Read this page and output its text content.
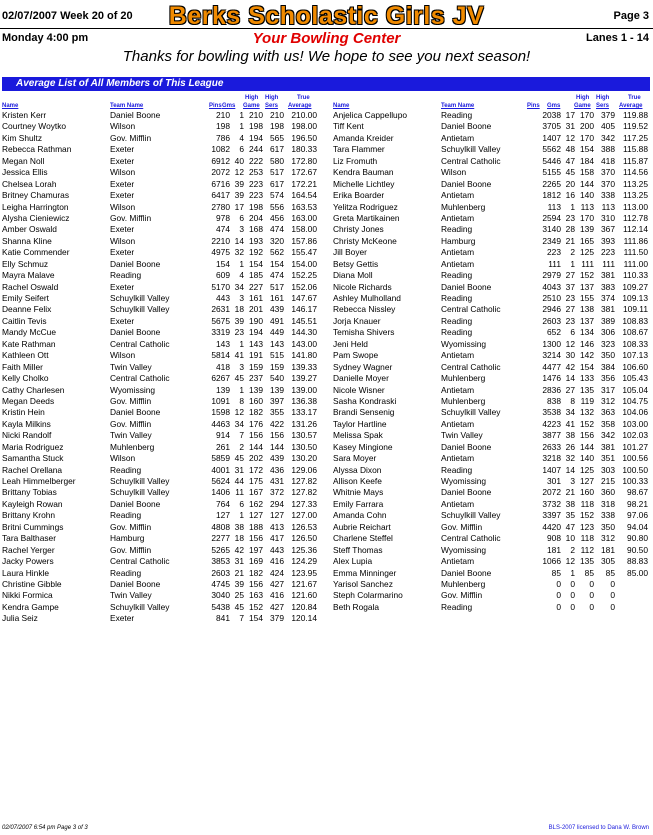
02/07/2007 Week 20 of 20	Berks Scholastic Girls JV	Page 3
Monday 4:00 pm	Your Bowling Center	Lanes 1 - 14
Thanks for bowling with us! We hope to see you next season!
Average List of All Members of This League
Name	Team Name	Pins Gms
High
Game
High
Sers
True
Average
Kristen Kerr	Daniel Boone	210	1 210 210 210.00
Courtney Woytko	Wilson	198	1 198 198 198.00
Kim Shultz	Gov. Mifflin	786	4 194 565 196.50
Rebecca Rathman	Exeter	1082	6 244 617 180.33
Megan Noll	Exeter	6912 40 222 580 172.80
Jessica Ellis	Wilson	2072 12 253 517 172.67
Chelsea Lorah	Exeter	6716 39 223 617 172.21
Britney Chamuras	Exeter	6417 39 223 574 164.54
Leigha Harrington	Wilson	2780 17 198 556 163.53
Alysha Cieniewicz	Gov. Mifflin	978	6 204 456 163.00
Amber Oswald	Exeter	474	3 168 474 158.00
Shanna Kline	Wilson	2210 14 193 320 157.86
Katie Commender	Exeter	4975 32 192 562 155.47
Elly Schmuz	Daniel Boone	154	1 154 154 154.00
Mayra Malave	Reading	609	4 185 474 152.25
Rachel Oswald	Exeter	5170 34 227 517 152.06
Emily Seifert	Schuylkill Valley	443	3 161 161 147.67
Deanne Felix	Schuylkill Valley	2631 18 201 439 146.17
Caitlin Tevis	Exeter	5675 39 190 491 145.51
Mandy McCue	Daniel Boone	3319 23 194 449 144.30
Kate Rathman	Central Catholic	143	1 143 143 143.00
Kathleen Ott	Wilson	5814 41 191 515 141.80
Faith Miller	Twin Valley	418	3 159 159 139.33
Kelly Cholko	Central Catholic	6267 45 237 540 139.27
Cathy Charlesen	Wyomissing	139	1 139 139 139.00
Megan Deeds	Gov. Mifflin	1091	8 160 397 136.38
Kristin Hein	Daniel Boone	1598 12 182 355 133.17
Kayla Milkins	Gov. Mifflin	4463 34 176 422 131.26
Nicki Randolf	Twin Valley	914	7 156 156 130.57
Maria Rodriguez	Muhlenberg	261	2 144 144 130.50
Samantha Stuck	Wilson	5859 45 202 439 130.20
Rachel Orellana	Reading	4001 31 172 436 129.06
Leah Himmelberger	Schuylkill Valley	5624 44 175 431 127.82
Brittany Tobias	Schuylkill Valley	1406 11 167 372 127.82
Kayleigh Rowan	Daniel Boone	764	6 162 294 127.33
Brittany Krohn	Reading	127	1 127 127 127.00
Britni Cummings	Gov. Mifflin	4808 38 188 413 126.53
Tara Balthaser	Hamburg	2277 18 156 417 126.50
Rachel Yerger	Gov. Mifflin	5265 42 197 443 125.36
Jacky Powers	Central Catholic	3853 31 169 416 124.29
Laura Hinkle	Reading	2603 21 182 424 123.95
Christine Gibble	Daniel Boone	4745 39 156 427 121.67
Nikki Formica	Twin Valley	3040 25 163 416 121.60
Kendra Gampe	Schuylkill Valley	5438 45 152 427 120.84
Julia Seiz	Exeter	841	7 154 379 120.14
Name	Team Name	Pins Gms
High
Game
High
Sers
True
Average
Anjelica Cappellupo	Reading	2038 17 170 379 119.88
Tiff Kent	Daniel Boone	3705 31 200 405 119.52
Amanda Kreider	Antietam	1407 12 170 342 117.25
Tara Flammer	Schuylkill Valley	5562 48 154 388 115.88
Liz Fromuth	Central Catholic	5446 47 184 418 115.87
Kendra Bauman	Wilson	5155 45 158 370 114.56
Michelle Lichtley	Daniel Boone	2265 20 144 370 113.25
Erika Boarder	Antietam	1812 16 140 338 113.25
Yelitza Rodriguez	Muhlenberg	113	1 113 113 113.00
Greta Martikainen	Antietam	2594 23 170 310 112.78
Christy Jones	Reading	3140 28 139 367 112.14
Christy McKeone	Hamburg	2349 21 165 393	111.86
Jill Boyer	Antietam	223	2 125 223	111.50
Betsy Gettis	Antietam	111	1 111 111	111.00
Diana Moll	Reading	2979 27 152 381 110.33
Nicole Richards	Daniel Boone	4043 37 137 383 109.27
Ashley Mulholland	Reading	2510 23 155 374 109.13
Rebecca Nissley	Central Catholic	2946 27 138 381 109.11
Jorja Knauer	Reading	2603 23 137 389 108.83
Temisha Shivers	Reading	652	6 134 306 108.67
Jeni Held	Wyomissing	1300 12 146 323 108.33
Pam Swope	Antietam	3214 30 142 350 107.13
Sydney Wagner	Central Catholic	4477 42 154 384 106.60
Danielle Moyer	Muhlenberg	1476 14 133 356 105.43
Nicole Wisner	Antietam	2836 27 135 317 105.04
Sasha Kondraski	Muhlenberg	838	8 119 312 104.75
Brandi Sensenig	Schuylkill Valley	3538 34 132 363 104.06
Taylor Hartline	Antietam	4223 41 152 358 103.00
Melissa Spak	Twin Valley	3877 38 156 342 102.03
Kasey Mingione	Daniel Boone	2633 26 144 381 101.27
Sara Moyer	Antietam	3218 32 140 351 100.56
Alyssa Dixon	Reading	1407 14 125 303 100.50
Allison Keefe	Wyomissing	301	3 127 215 100.33
Whitnie Mays	Daniel Boone	2072 21 160 360	98.67
Emily Farrara	Antietam	3732 38 118 318	98.21
Amanda Cohn	Schuylkill Valley	3397 35 152 338	97.06
Aubrie Reichart	Gov. Mifflin	4420 47 123 350	94.04
Charlene Steffel	Central Catholic	908 10 118 312	90.80
Steff Thomas	Wyomissing	181	2 112 181	90.50
Alex Lupia	Antietam	1066 12 135 305	88.83
Emma Minninger	Daniel Boone	85	1	85	85	85.00
Yarisol Sanchez	Muhlenberg	0	0	0	0
Steph Colarmarino	Gov. Mifflin	0	0	0	0
Beth Rogala	Reading	0	0	0	0
02/07/2007 6:54 pm Page 3 of 3	BLS-2007 licensed to Dana W. Brown
